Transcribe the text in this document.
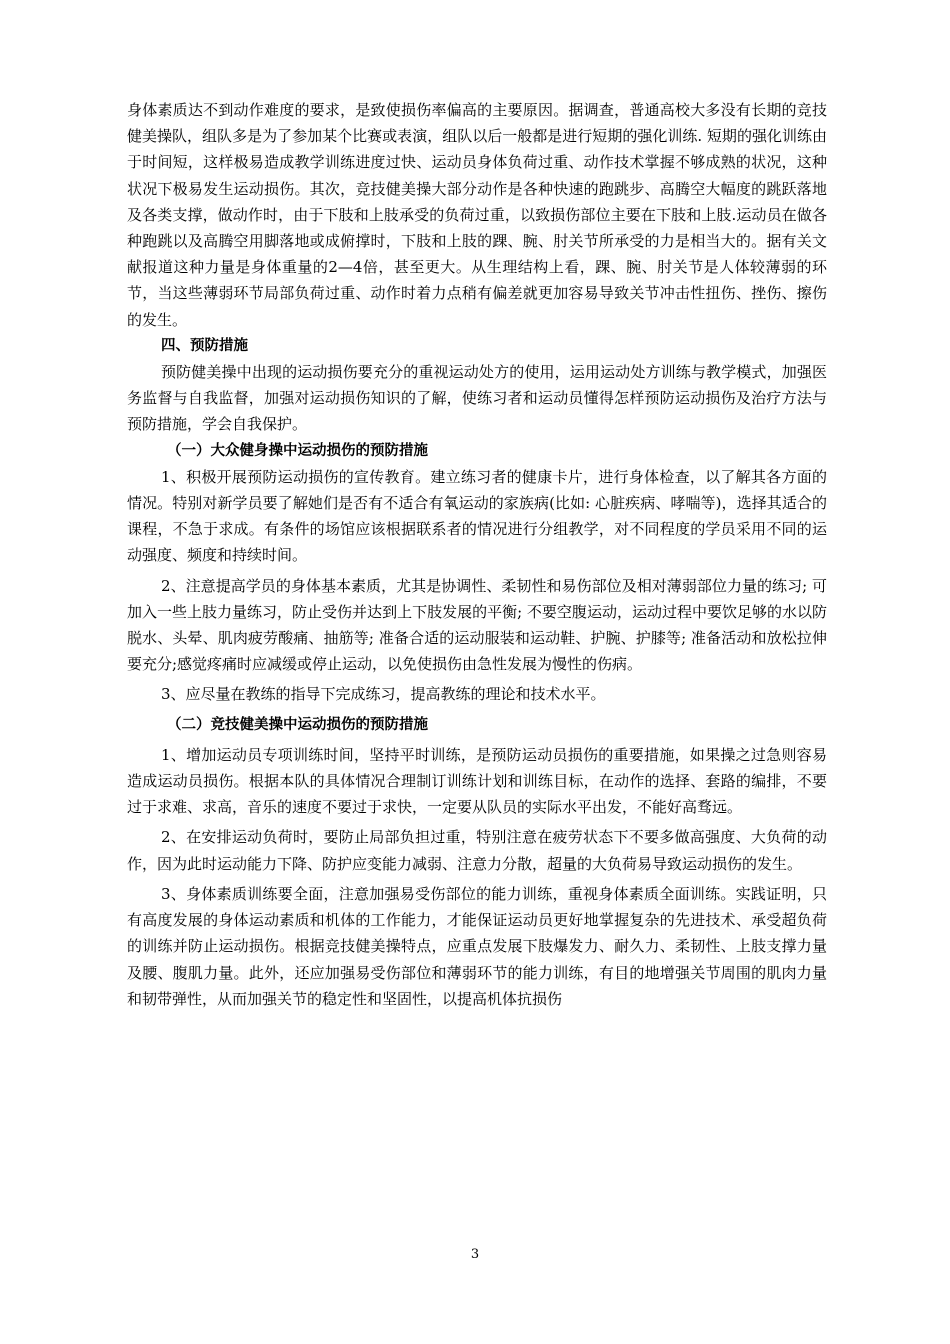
身体素质达不到动作难度的要求，是致使损伤率偏高的主要原因。据调查，普通高校大多没有长期的竞技健美操队，组队多是为了参加某个比赛或表演，组队以后一般都是进行短期的强化训练. 短期的强化训练由于时间短，这样极易造成教学训练进度过快、运动员身体负荷过重、动作技术掌握不够成熟的状况，这种状况下极易发生运动损伤。其次，竞技健美操大部分动作是各种快速的跑跳步、高腾空大幅度的跳跃落地及各类支撑，做动作时，由于下肢和上肢承受的负荷过重，以致损伤部位主要在下肢和上肢.运动员在做各种跑跳以及高腾空用脚落地或成俯撑时，下肢和上肢的踝、腕、肘关节所承受的力是相当大的。据有关文献报道这种力量是身体重量的2—4倍，甚至更大。从生理结构上看，踝、腕、肘关节是人体较薄弱的环节，当这些薄弱环节局部负荷过重、动作时着力点稍有偏差就更加容易导致关节冲击性扭伤、挫伤、擦伤的发生。

四、预防措施

预防健美操中出现的运动损伤要充分的重视运动处方的使用，运用运动处方训练与教学模式，加强医务监督与自我监督，加强对运动损伤知识的了解，使练习者和运动员懂得怎样预防运动损伤及治疗方法与预防措施，学会自我保护。

（一）大众健身操中运动损伤的预防措施

1、积极开展预防运动损伤的宣传教育。建立练习者的健康卡片，进行身体检查，以了解其各方面的情况。特别对新学员要了解她们是否有不适合有氧运动的家族病(比如: 心脏疾病、哮喘等)，选择其适合的课程，不急于求成。有条件的场馆应该根据联系者的情况进行分组教学，对不同程度的学员采用不同的运动强度、频度和持续时间。

2、注意提高学员的身体基本素质，尤其是协调性、柔韧性和易伤部位及相对薄弱部位力量的练习; 可加入一些上肢力量练习，防止受伤并达到上下肢发展的平衡; 不要空腹运动，运动过程中要饮足够的水以防脱水、头晕、肌肉疲劳酸痛、抽筋等; 准备合适的运动服装和运动鞋、护腕、护膝等; 准备活动和放松拉伸要充分;感觉疼痛时应减缓或停止运动，以免使损伤由急性发展为慢性的伤病。

3、应尽量在教练的指导下完成练习，提高教练的理论和技术水平。

（二）竞技健美操中运动损伤的预防措施

1、增加运动员专项训练时间，坚持平时训练，是预防运动员损伤的重要措施，如果操之过急则容易造成运动员损伤。根据本队的具体情况合理制订训练计划和训练目标，在动作的选择、套路的编排，不要过于求难、求高，音乐的速度不要过于求快，一定要从队员的实际水平出发，不能好高骛远。

2、在安排运动负荷时，要防止局部负担过重，特别注意在疲劳状态下不要多做高强度、大负荷的动作，因为此时运动能力下降、防护应变能力减弱、注意力分散，超量的大负荷易导致运动损伤的发生。

3、身体素质训练要全面，注意加强易受伤部位的能力训练，重视身体素质全面训练。实践证明，只有高度发展的身体运动素质和机体的工作能力，才能保证运动员更好地掌握复杂的先进技术、承受超负荷的训练并防止运动损伤。根据竞技健美操特点，应重点发展下肢爆发力、耐久力、柔韧性、上肢支撑力量及腰、腹肌力量。此外，还应加强易受伤部位和薄弱环节的能力训练，有目的地增强关节周围的肌肉力量和韧带弹性，从而加强关节的稳定性和坚固性，以提高机体抗损伤

3
